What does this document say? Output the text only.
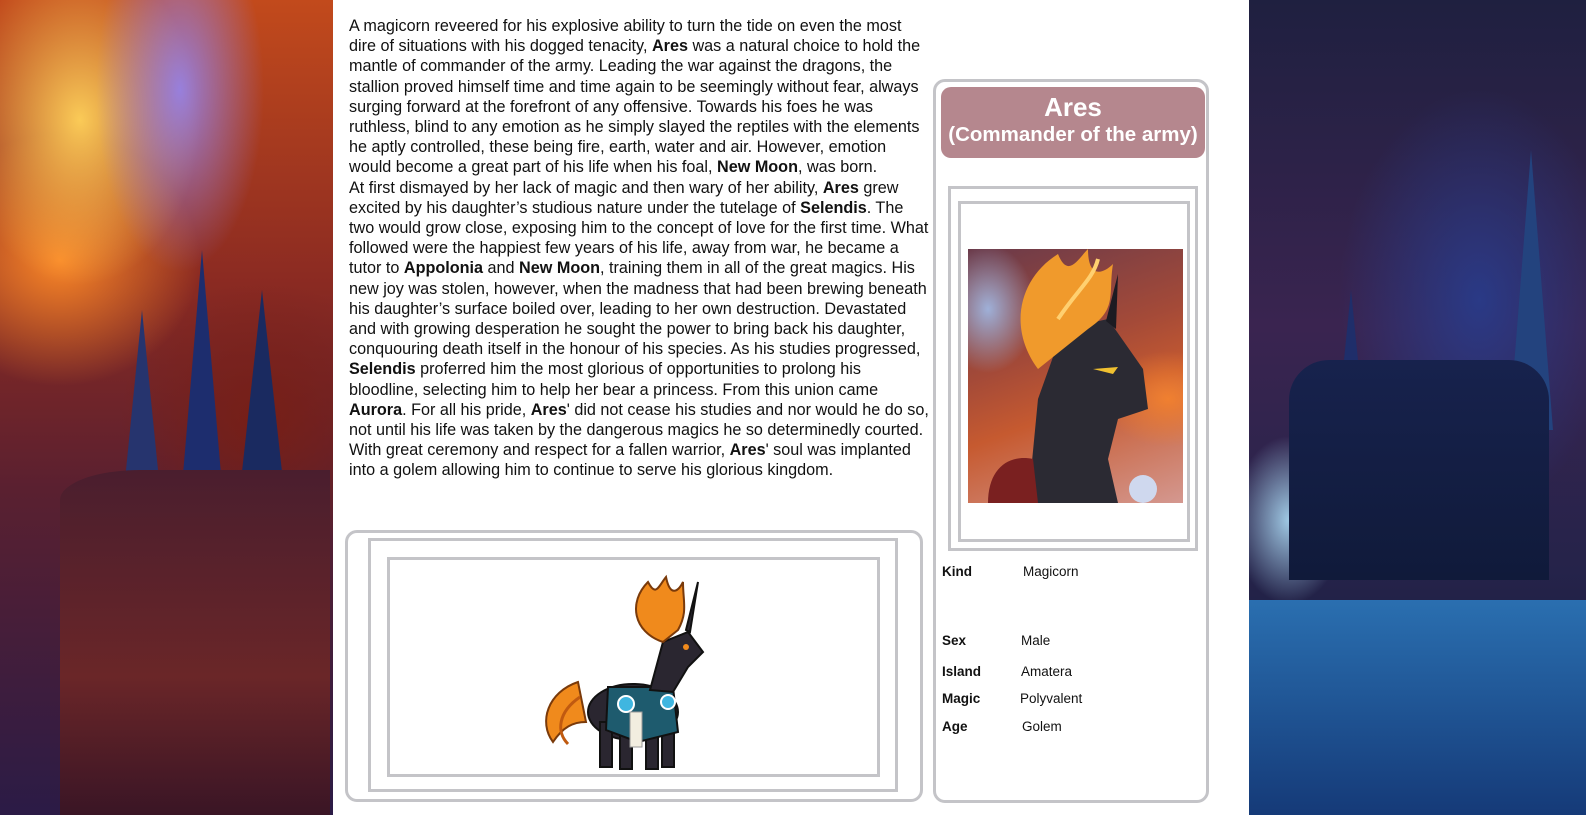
A magicorn reveered for his explosive ability to turn the tide on even the most dire of situations with his dogged tenacity, Ares was a natural choice to hold the mantle of commander of the army. Leading the war against the dragons, the stallion proved himself time and time again to be seemingly without fear, always surging forward at the forefront of any offensive. Towards his foes he was ruthless, blind to any emotion as he simply slayed the reptiles with the elements he aptly controlled, these being fire, earth, water and air. However, emotion would become a great part of his life when his foal, New Moon, was born.

At first dismayed by her lack of magic and then wary of her ability, Ares grew excited by his daughter’s studious nature under the tutelage of Selendis. The two would grow close, exposing him to the concept of love for the first time. What followed were the happiest few years of his life, away from war, he became a tutor to Appolonia and New Moon, training them in all of the great magics. His new joy was stolen, however, when the madness that had been brewing beneath his daughter’s surface boiled over, leading to her own destruction. Devastated and with growing desperation he sought the power to bring back his daughter, conquouring death itself in the honour of his species. As his studies progressed, Selendis proferred him the most glorious of opportunities to prolong his bloodline, selecting him to help her bear a princess. From this union came Aurora. For all his pride, Ares' did not cease his studies and nor would he do so, not until his life was taken by the dangerous magics he so determinedly courted. With great ceremony and respect for a fallen warrior, Ares' soul was implanted into a golem allowing him to continue to serve his glorious kingdom.

Ares
(Commander of the army)
Kind	Magicorn
Sex	Male
Island	Amatera
Magic	Polyvalent
Age	Golem
